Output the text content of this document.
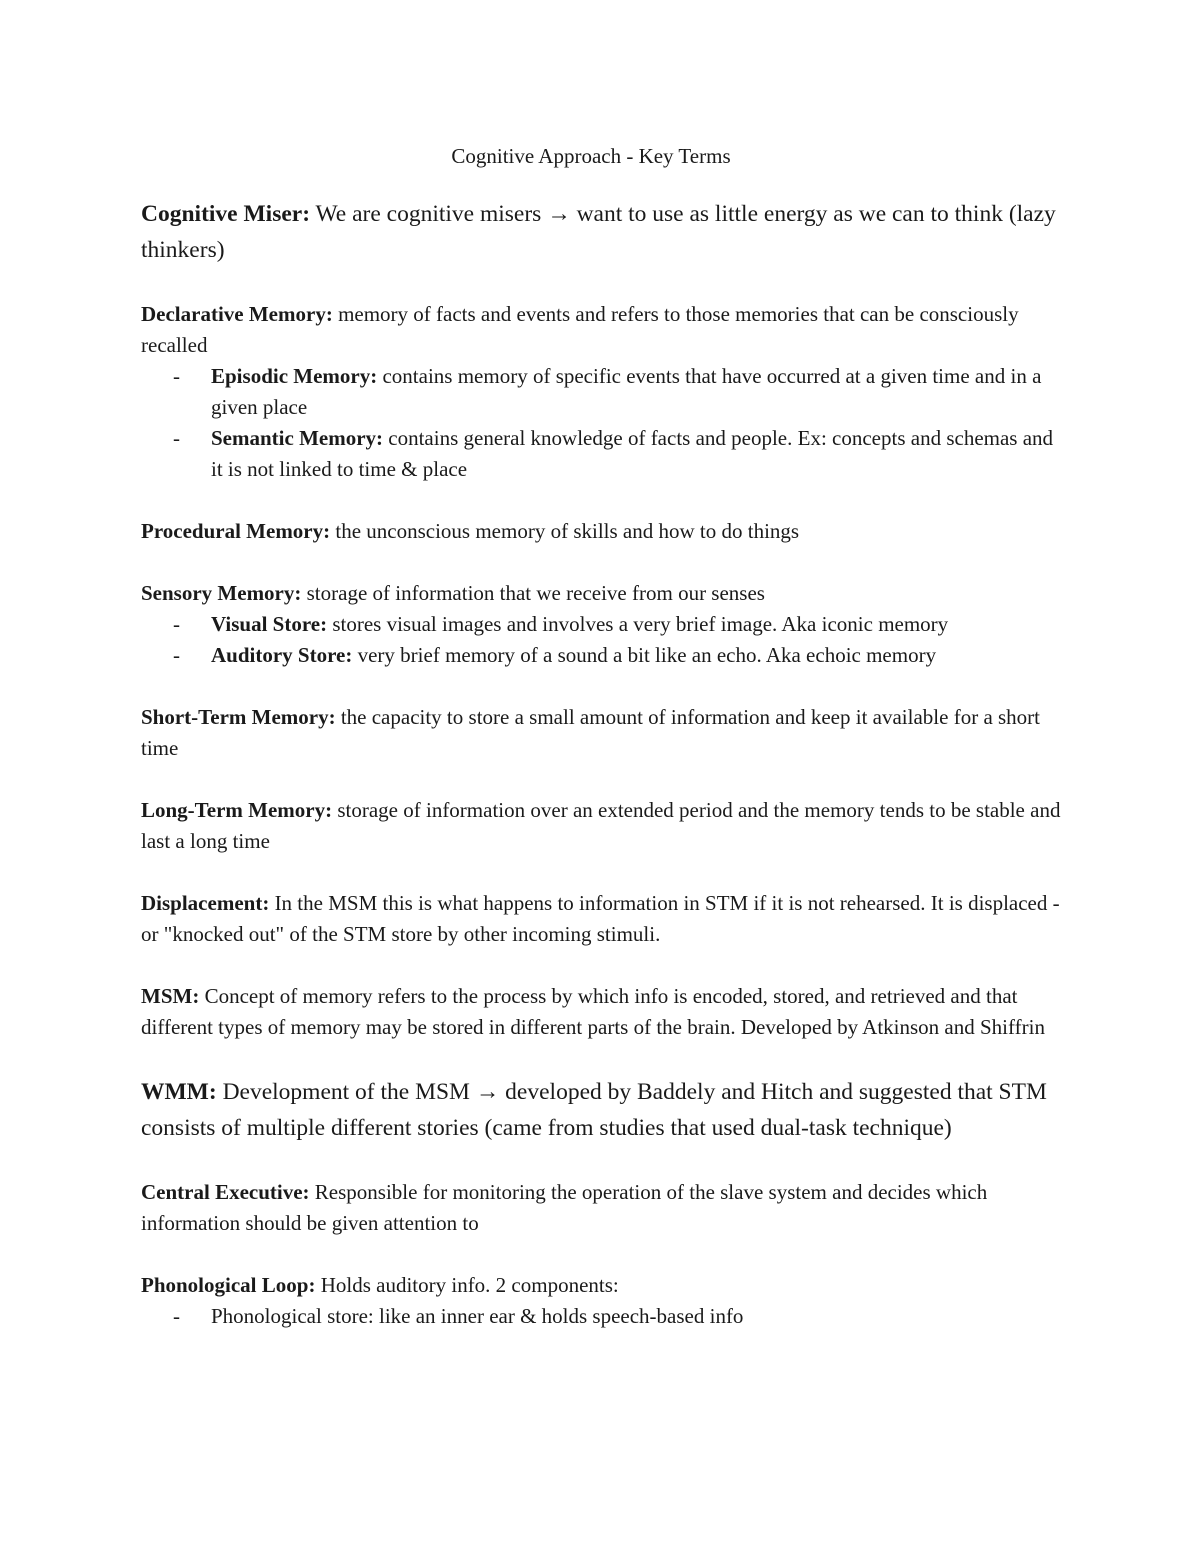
Cognitive Approach - Key Terms

Cognitive Miser: We are cognitive misers → want to use as little energy as we can to think (lazy thinkers)

Declarative Memory: memory of facts and events and refers to those memories that can be consciously recalled
- Episodic Memory: contains memory of specific events that have occurred at a given time and in a given place
- Semantic Memory: contains general knowledge of facts and people. Ex: concepts and schemas and it is not linked to time & place

Procedural Memory: the unconscious memory of skills and how to do things

Sensory Memory: storage of information that we receive from our senses
- Visual Store: stores visual images and involves a very brief image. Aka iconic memory
- Auditory Store: very brief memory of a sound a bit like an echo. Aka echoic memory

Short-Term Memory: the capacity to store a small amount of information and keep it available for a short time

Long-Term Memory: storage of information over an extended period and the memory tends to be stable and last a long time

Displacement: In the MSM this is what happens to information in STM if it is not rehearsed. It is displaced - or "knocked out" of the STM store by other incoming stimuli.

MSM: Concept of memory refers to the process by which info is encoded, stored, and retrieved and that different types of memory may be stored in different parts of the brain. Developed by Atkinson and Shiffrin

WMM: Development of the MSM → developed by Baddely and Hitch and suggested that STM consists of multiple different stories (came from studies that used dual-task technique)

Central Executive: Responsible for monitoring the operation of the slave system and decides which information should be given attention to

Phonological Loop: Holds auditory info. 2 components:
- Phonological store: like an inner ear & holds speech-based info
